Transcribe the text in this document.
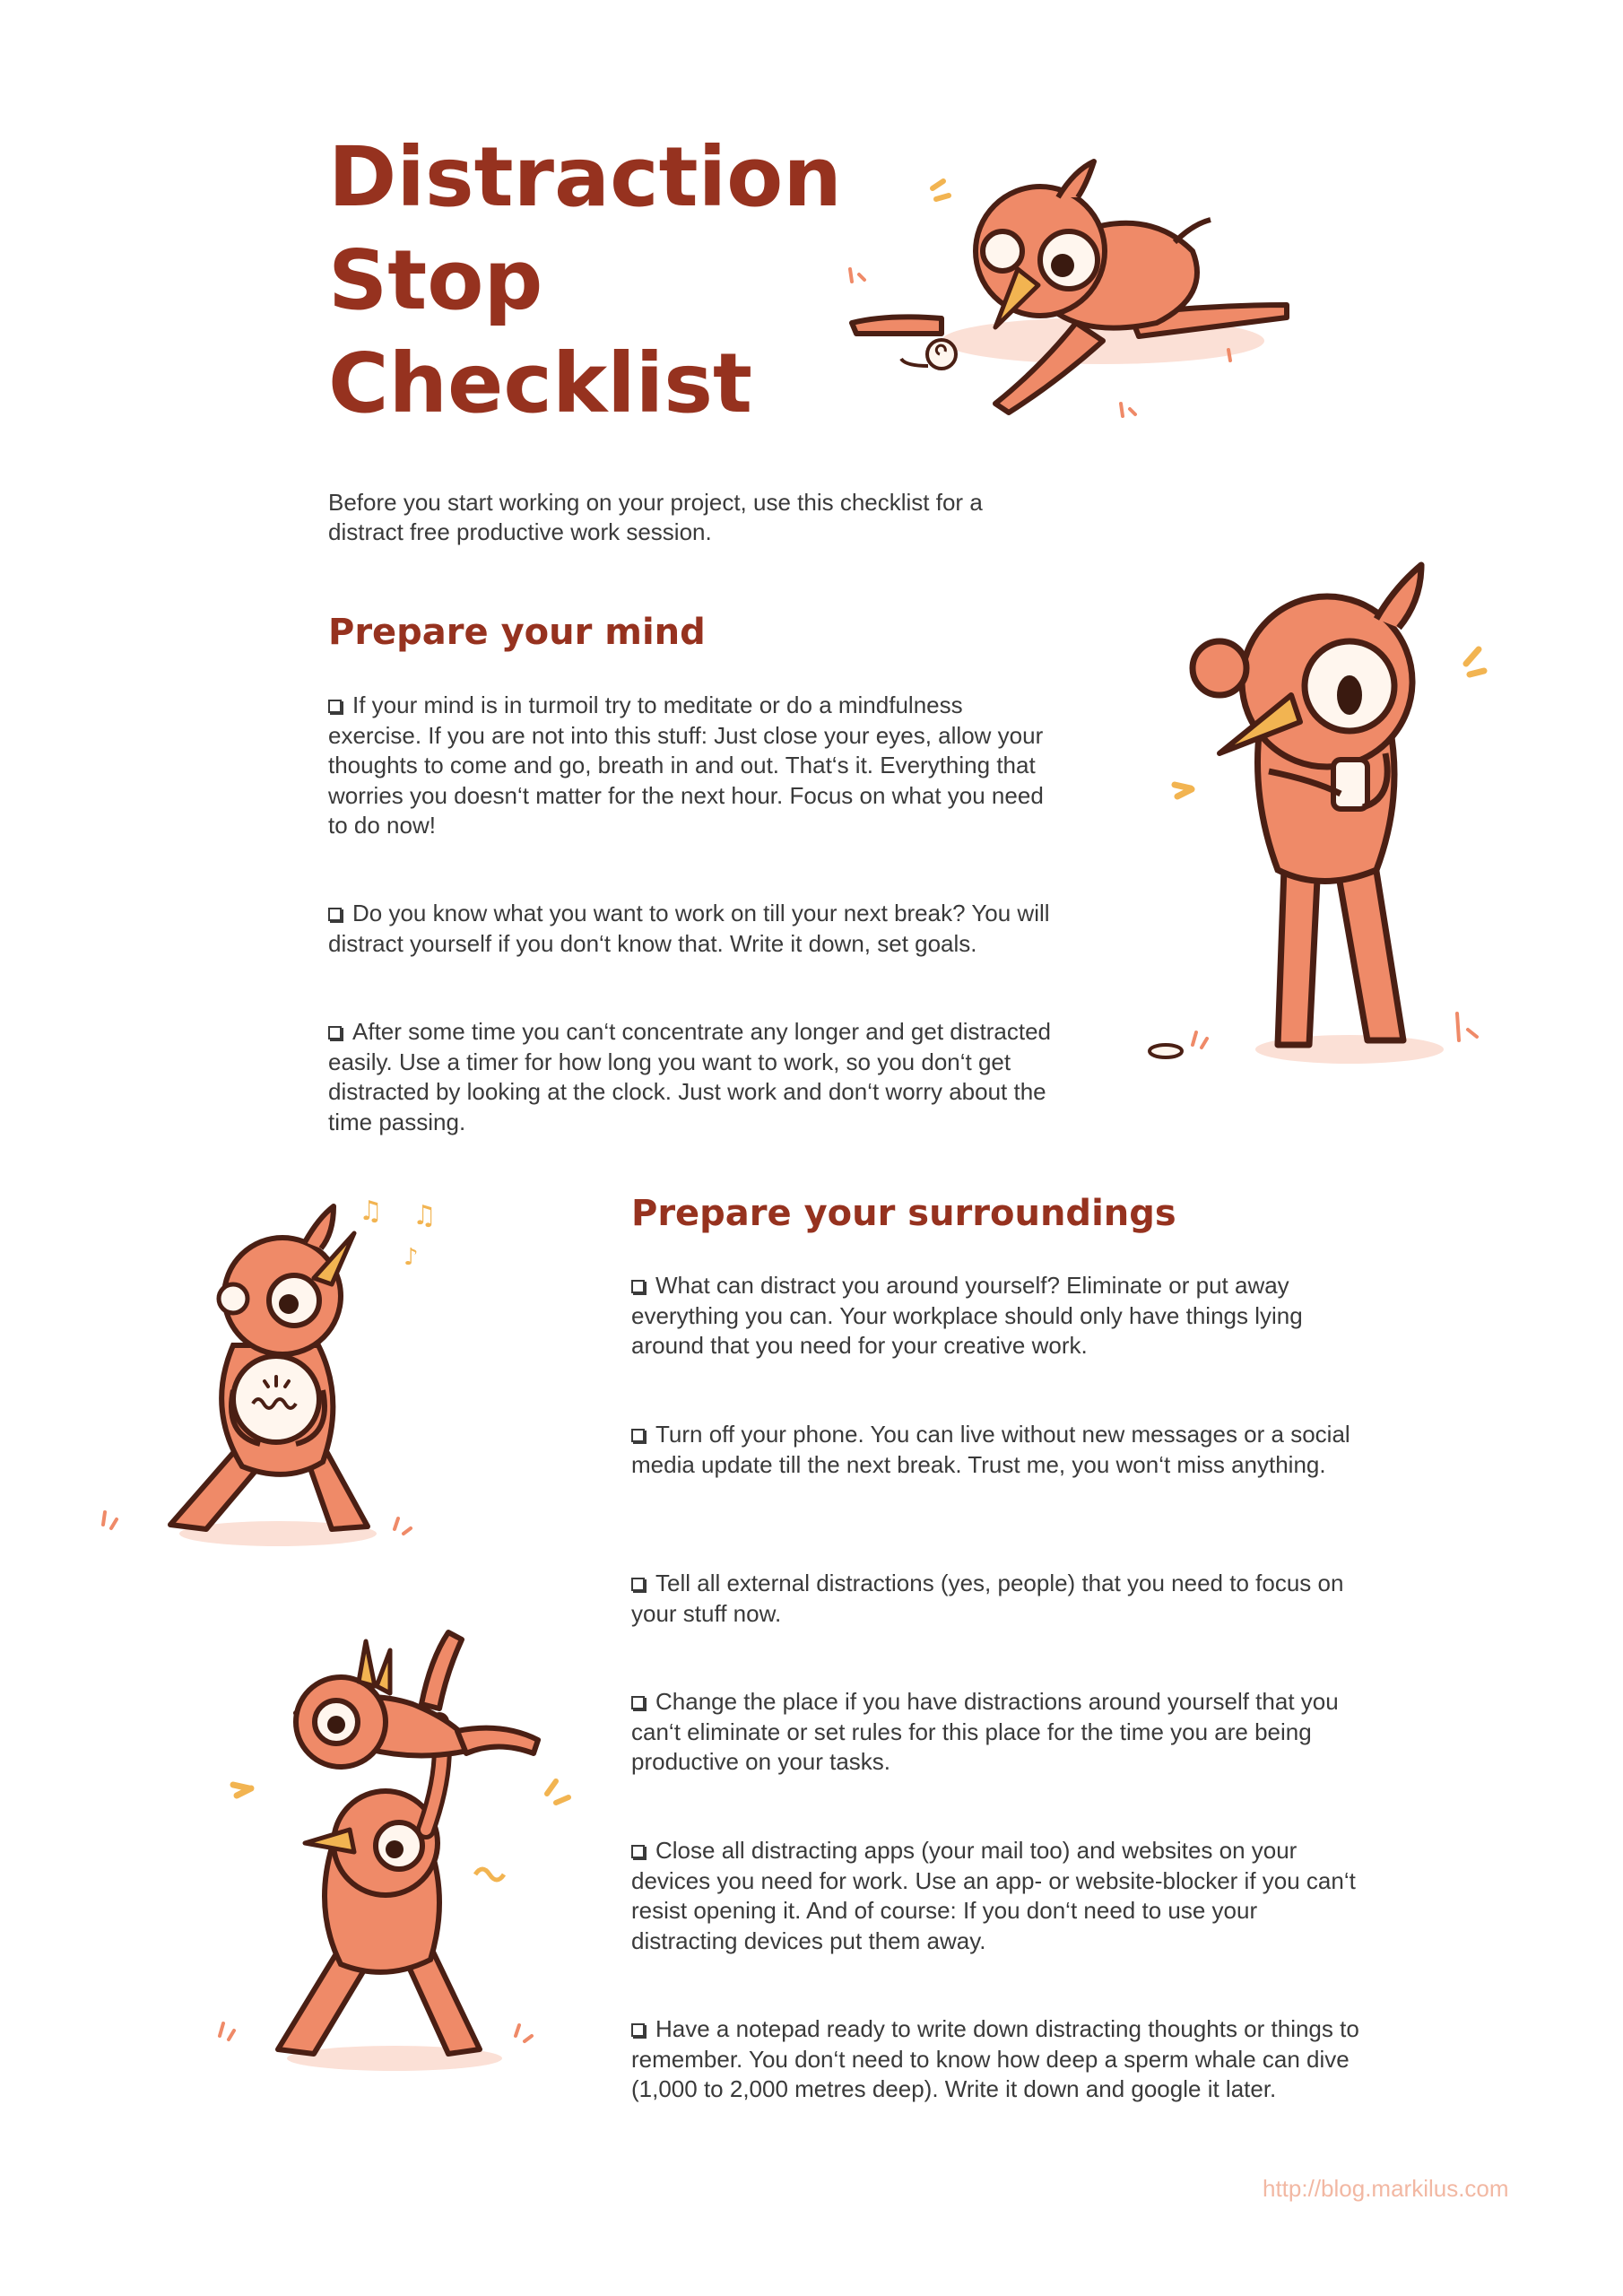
Distraction
Stop
Checklist

Before you start working on your project, use this checklist for a distract free productive work session.

Prepare your mind
If your mind is in turmoil try to meditate or do a mindfulness exercise. If you are not into this stuff: Just close your eyes, allow your thoughts to come and go, breath in and out. That‘s it. Everything that worries you doesn‘t matter for the next hour. Focus on what you need to do now!
Do you know what you want to work on till your next break? You will distract yourself if you don‘t know that. Write it down, set goals.
After some time you can‘t concentrate any longer and get distracted easily. Use a timer for how long you want to work, so you don‘t get distracted by looking at the clock. Just work and don‘t worry about the time passing.
Prepare your surroundings
What can distract you around yourself? Eliminate or put away everything you can. Your workplace should only have things lying around that you need for your creative work.
Turn off your phone. You can live without new messages or a social media update till the next break. Trust me, you won‘t miss anything.
Tell all external distractions (yes, people) that you need to focus on your stuff now.
Change the place if you have distractions around yourself that you can‘t eliminate or set rules for this place for the time you are being productive on your tasks.
Close all distracting apps (your mail too) and websites on your devices you need for work. Use an app- or website-blocker if you can‘t resist opening it. And of course: If you don‘t need to use your distracting devices put them away.
Have a notepad ready to write down distracting thoughts or things to remember. You don‘t need to know how deep a sperm whale can dive (1,000 to 2,000 metres deep). Write it down and google it later.
http://blog.markilus.com
♫ ♫
♪
